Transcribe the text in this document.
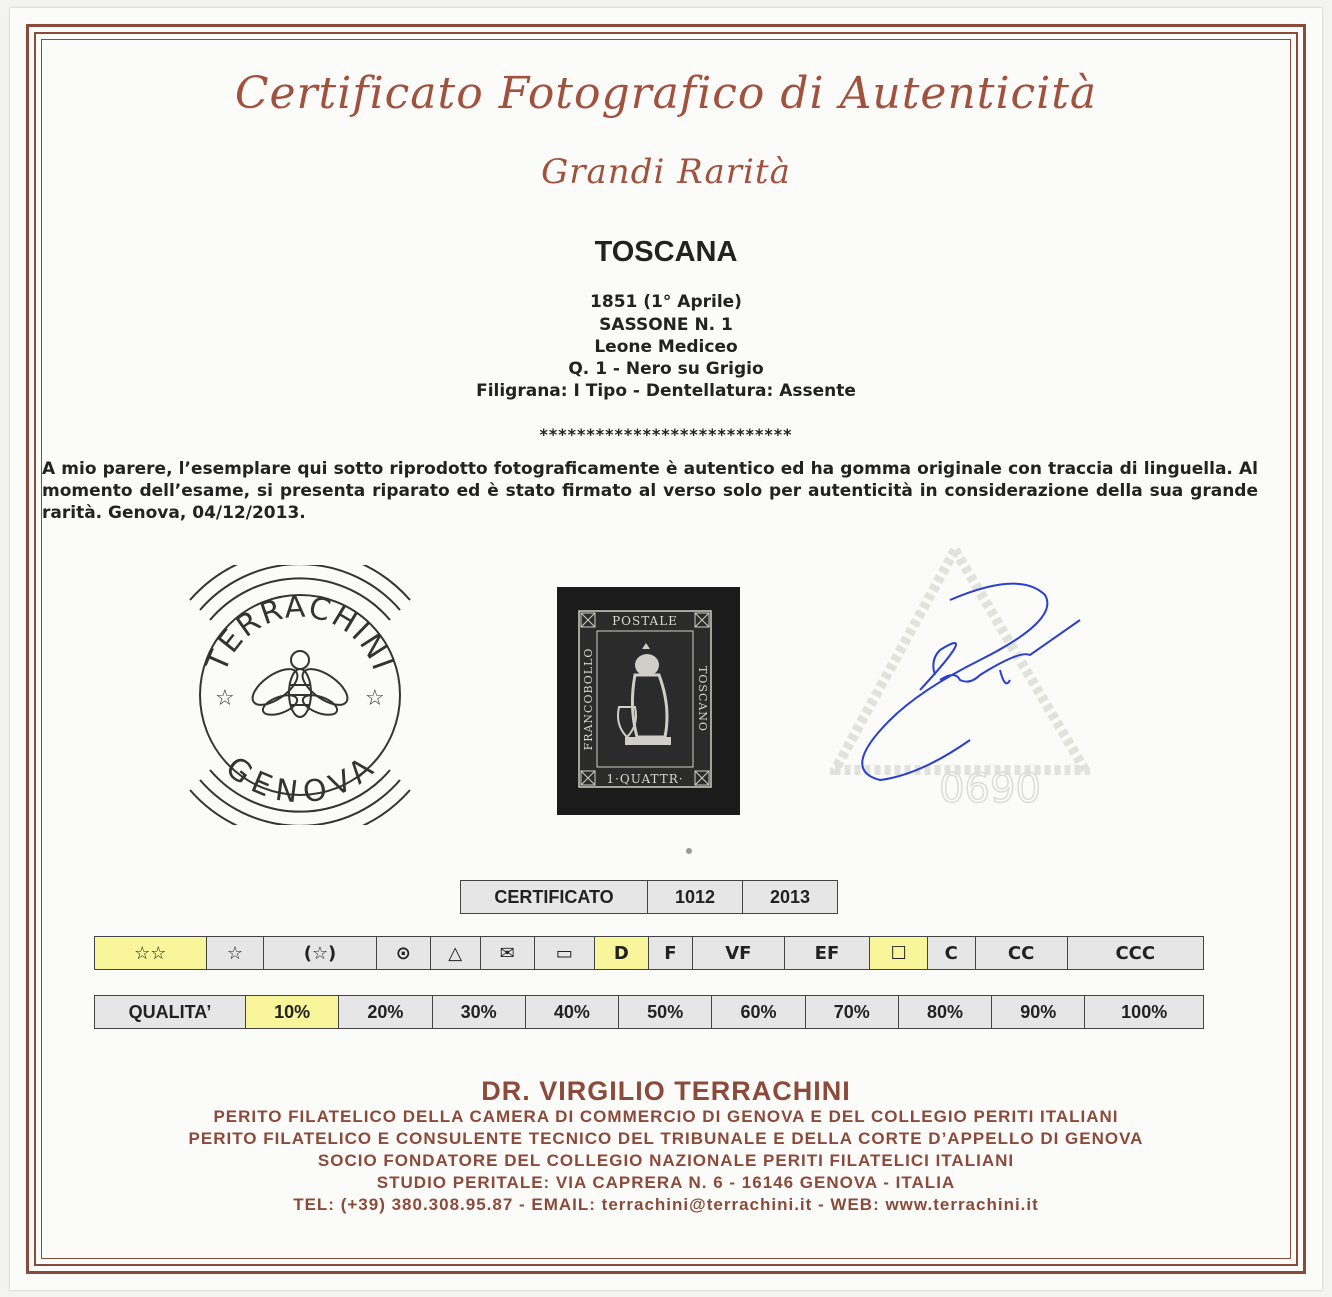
Certificato Fotografico di Autenticità
Grandi Rarità
TOSCANA
1851 (1° Aprile)
SASSONE N. 1
Leone Mediceo
Q. 1 - Nero su Grigio
Filigrana: I Tipo - Dentellatura: Assente
***************************
A mio parere, l’esemplare qui sotto riprodotto fotograficamente è autentico ed ha gomma originale con traccia di linguella. Al momento dell’esame, si presenta riparato ed è stato firmato al verso solo per autenticità in considerazione della sua grande rarità. Genova, 04/12/2013.
TERRACHINI
GENOVA
☆	☆
POSTALE
1·QUATTR·
FRANCOBOLLO	TOSCANO
0690
CERTIFICATO	1012	2013
☆☆	☆	(☆)	⊙	△	✉	▭	D	F	VF	EF	☐	C	CC	CCC
QUALITA’	10%	20%	30%	40%	50%	60%	70%	80%	90%	100%
DR. VIRGILIO TERRACHINI
PERITO FILATELICO DELLA CAMERA DI COMMERCIO DI GENOVA E DEL COLLEGIO PERITI ITALIANI
PERITO FILATELICO E CONSULENTE TECNICO DEL TRIBUNALE E DELLA CORTE D’APPELLO DI GENOVA
SOCIO FONDATORE DEL COLLEGIO NAZIONALE PERITI FILATELICI ITALIANI
STUDIO PERITALE: VIA CAPRERA N. 6 - 16146 GENOVA - ITALIA
TEL: (+39) 380.308.95.87 - EMAIL: terrachini@terrachini.it - WEB: www.terrachini.it
